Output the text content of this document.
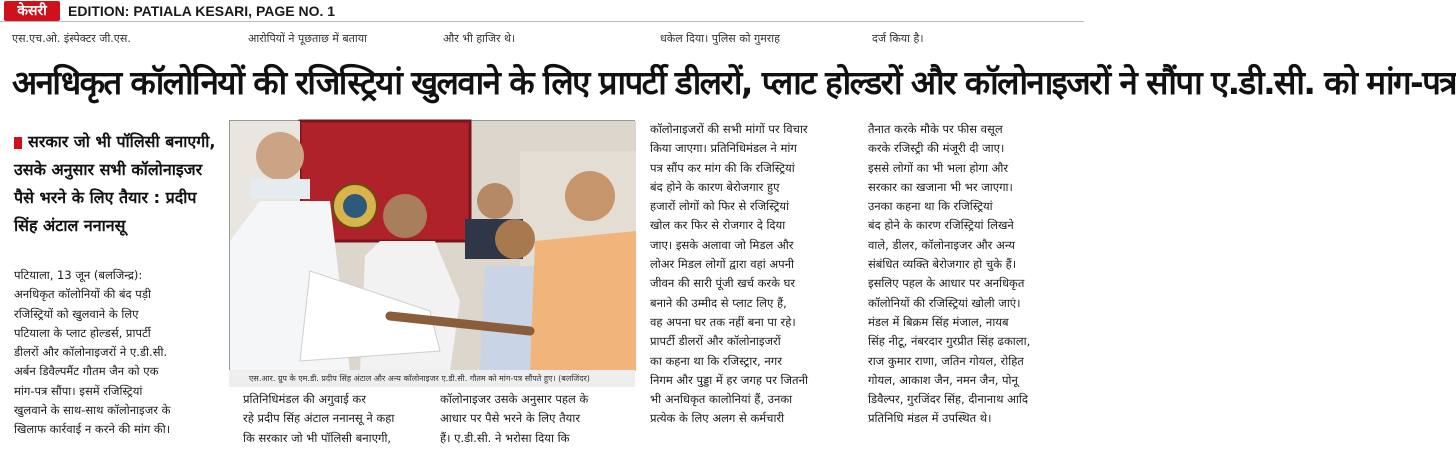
केसरी	EDITION: PATIALA KESARI, PAGE NO. 1
एस.एच.ओ. इंस्पेक्टर जी.एस.	आरोपियों ने पूछताछ में बताया	और भी हाजिर थे।	धकेल दिया। पुलिस को गुमराह	दर्ज किया है।
अनधिकृत कॉलोनियों की रजिस्ट्रियां खुलवाने के लिए प्रापर्टी डीलरों, प्लाट होल्डरों और कॉलोनाइजरों ने सौंपा ए.डी.सी. को मांग-पत्र
सरकार जो भी पॉलिसी बनाएगी,
उसके अनुसार सभी कॉलोनाइजर
पैसे भरने के लिए तैयार : प्रदीप
सिंह अंटाल ननानसू

पटियाला, 13 जून (बलजिन्द्र):

अनधिकृत कॉलोनियों की बंद पड़ी

रजिस्ट्रियों को खुलवाने के लिए

पटियाला के प्लाट होल्डर्स, प्रापर्टी

डीलरों और कॉलोनाइजरों ने ए.डी.सी.

अर्बन डिवैल्पमैंट गौतम जैन को एक

मांग-पत्र सौंपा। इसमें रजिस्ट्रियां

खुलवाने के साथ-साथ कॉलोनाइजर के

खिलाफ कार्रवाई न करने की मांग की।

एस.आर. ग्रुप के एम.डी. प्रदीप सिंह अंटाल और अन्य कॉलोनाइजर ए.डी.सी. गौतम को मांग-पत्र सौंपते हुए। (बलजिंदर)

प्रतिनिधिमंडल की अगुवाई कर

रहे प्रदीप सिंह अंटाल ननानसू ने कहा

कि सरकार जो भी पॉलिसी बनाएगी,

कॉलोनाइजर उसके अनुसार पहल के

आधार पर पैसे भरने के लिए तैयार

हैं। ए.डी.सी. ने भरोसा दिया कि

कॉलोनाइजरों की सभी मांगों पर विचार

किया जाएगा। प्रतिनिधिमंडल ने मांग

पत्र सौंप कर मांग की कि रजिस्ट्रियां

बंद होने के कारण बेरोजगार हुए

हजारों लोगों को फिर से रजिस्ट्रियां

खोल कर फिर से रोजगार दे दिया

जाए। इसके अलावा जो मिडल और

लोअर मिडल लोगों द्वारा वहां अपनी

जीवन की सारी पूंजी खर्च करके घर

बनाने की उम्मीद से प्लाट लिए हैं,

वह अपना घर तक नहीं बना पा रहे।

प्रापर्टी डीलरों और कॉलोनाइजरों

का कहना था कि रजिस्ट्रार, नगर

निगम और पुड्डा में हर जगह पर जितनी

भी अनधिकृत कालोनियां हैं, उनका

प्रत्येक के लिए अलग से कर्मचारी

तैनात करके मौके पर फीस वसूल

करके रजिस्ट्री की मंजूरी दी जाए।

इससे लोगों का भी भला होगा और

सरकार का खजाना भी भर जाएगा।

उनका कहना था कि रजिस्ट्रियां

बंद होने के कारण रजिस्ट्रियां लिखने

वाले, डीलर, कॉलोनाइजर और अन्य

संबंधित व्यक्ति बेरोजगार हो चुके हैं।

इसलिए पहल के आधार पर अनधिकृत

कॉलोनियों की रजिस्ट्रियां खोली जाएं।

मंडल में बिक्रम सिंह मंजाल, नायब

सिंह नीटू, नंबरदार गुरप्रीत सिंह ढकाला,

राज कुमार राणा, जतिन गोयल, रोहित

गोयल, आकाश जैन, नमन जैन, पोनू

डिवैल्पर, गुरजिंदर सिंह, दीनानाथ आदि

प्रतिनिधि मंडल में उपस्थित थे।
